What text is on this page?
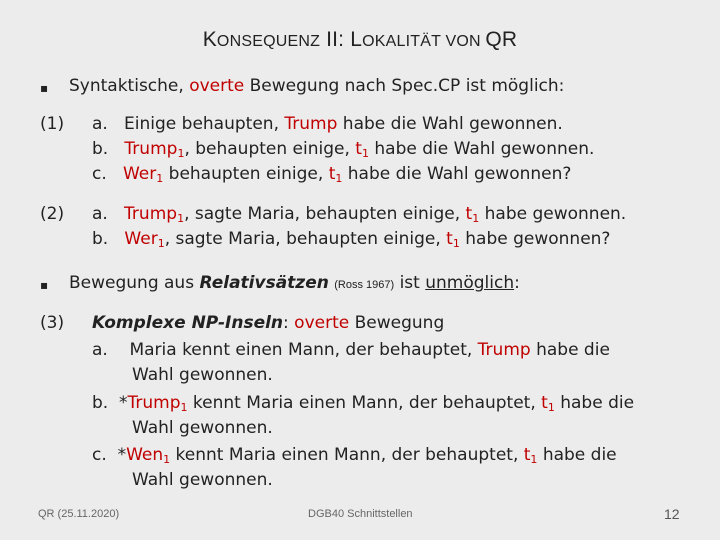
KONSEQUENZ II: LOKALITÄT VON QR
▪ Syntaktische, overte Bewegung nach Spec.CP ist möglich:
(1) a. Einige behaupten, Trump habe die Wahl gewonnen.
b. Trump$_1$, behaupten einige, $t_1$ habe die Wahl gewonnen.
c. Wer$_1$ behaupten einige, $t_1$ habe die Wahl gewonnen?
(2) a. Trump$_1$, sagte Maria, behaupten einige, $t_1$ habe gewonnen.
b. Wer$_1$, sagte Maria, behaupten einige, $t_1$ habe gewonnen?
▪ Bewegung aus Relativsätzen (Ross 1967) ist unmöglich:
(3) Komplexe NP-Inseln: overte Bewegung
a. Maria kennt einen Mann, der behauptet, Trump habe die
Wahl gewonnen.
b. *Trump$_1$ kennt Maria einen Mann, der behauptet, $t_1$ habe die
Wahl gewonnen.
c. *Wen$_1$ kennt Maria einen Mann, der behauptet, $t_1$ habe die
Wahl gewonnen.
QR (25.11.2020)	DGB40 Schnittstellen	12
